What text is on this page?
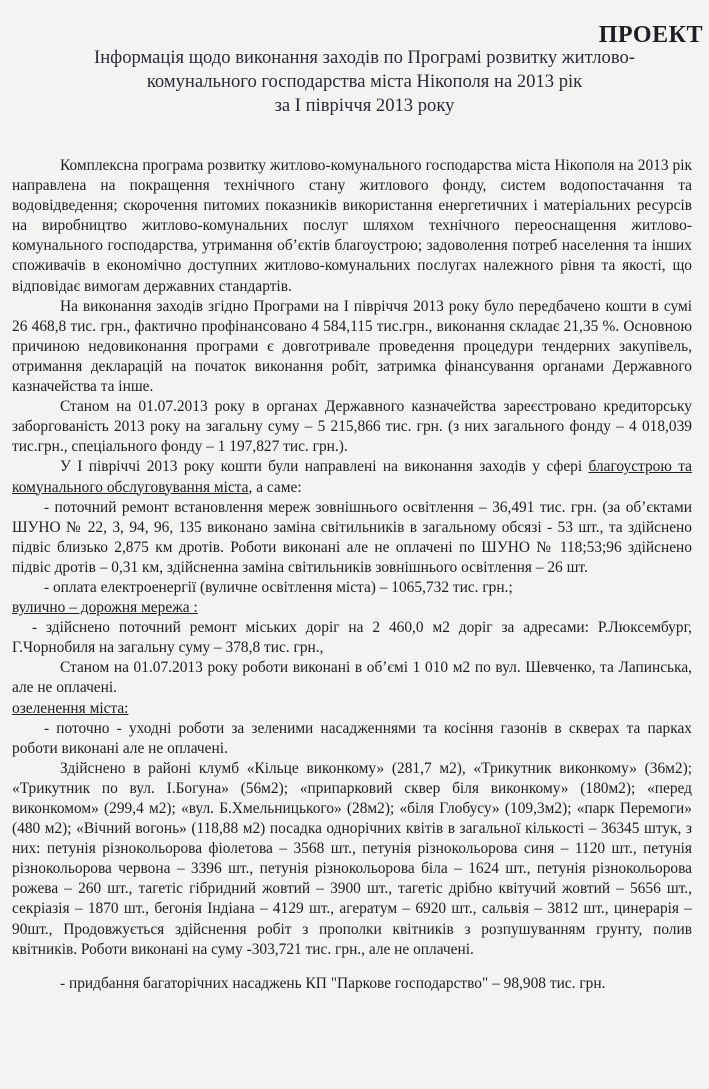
ПРОЕКТ
Інформація щодо виконання заходів по Програмі розвитку житлово-
комунального господарства міста Нікополя на 2013 рік
за І півріччя 2013 року

Комплексна програма розвитку житлово-комунального господарства міста Нікополя на 2013 рік направлена на покращення технічного стану житлового фонду, систем водопостачання та водовідведення; скорочення питомих показників використання енергетичних і матеріальних ресурсів на виробництво житлово-комунальних послуг шляхом технічного переоснащення житлово-комунального господарства, утримання об’єктів благоустрою; задоволення потреб населення та інших споживачів в економічно доступних житлово-комунальних послугах належного рівня та якості, що відповідає вимогам державних стандартів.

На виконання заходів згідно Програми на І півріччя 2013 року було передбачено кошти в сумі 26 468,8 тис. грн., фактично профінансовано 4 584,115 тис.грн., виконання складає 21,35 %. Основною причиною недовиконання програми є довготривале проведення процедури тендерних закупівель, отримання декларацій на початок виконання робіт, затримка фінансування органами Державного казначейства та інше.

Станом на 01.07.2013 року в органах Державного казначейства зареєстровано кредиторську заборгованість 2013 року на загальну суму – 5 215,866 тис. грн. (з них загального фонду – 4 018,039 тис.грн., спеціального фонду – 1 197,827 тис. грн.).

У І півріччі 2013 року кошти були направлені на виконання заходів у сфері благоустрою та комунального обслуговування міста, а саме:

- поточний ремонт встановлення мереж зовнішнього освітлення – 36,491 тис. грн. (за об’єктами ШУНО № 22, 3, 94, 96, 135 виконано заміна світильників в загальному обсязі - 53 шт., та здійснено підвіс близько 2,875 км дротів. Роботи виконані але не оплачені по ШУНО № 118;53;96 здійснено підвіс дротів – 0,31 км, здійсненна заміна світильників зовнішнього освітлення – 26 шт.

- оплата електроенергії (вуличне освітлення міста) – 1065,732 тис. грн.;

вулично – дорожня мережа :

- здійснено поточний ремонт міських доріг на 2 460,0 м2 доріг за адресами: Р.Люксембург, Г.Чорнобиля на загальну суму – 378,8 тис. грн.,

Станом на 01.07.2013 року роботи виконані в об’ємі 1 010 м2 по вул. Шевченко, та Лапинська, але не оплачені.

озеленення міста:

- поточно - уходні роботи за зеленими насадженнями та косіння газонів в скверах та парках роботи виконані але не оплачені.

Здійснено в районі клумб «Кільце виконкому» (281,7 м2), «Трикутник виконкому» (36м2); «Трикутник по вул. І.Богуна» (56м2); «припарковий сквер біля виконкому» (180м2); «перед виконкомом» (299,4 м2); «вул. Б.Хмельницького» (28м2); «біля Глобусу» (109,3м2); «парк Перемоги» (480 м2); «Вічний вогонь» (118,88 м2) посадка однорічних квітів в загальної кількості – 36345 штук, з них: петунія різнокольорова фіолетова – 3568 шт., петунія різнокольорова синя – 1120 шт., петунія різнокольорова червона – 3396 шт., петунія різнокольорова біла – 1624 шт., петунія різнокольорова рожева – 260 шт., тагетіс гібридний жовтий – 3900 шт., тагетіс дрібно квітучий жовтий – 5656 шт., секріазія – 1870 шт., бегонія Індіана – 4129 шт., агератум – 6920 шт., сальвія – 3812 шт., цинерарія – 90шт., Продовжується здійснення робіт з прополки квітників з розпушуванням грунту, полив квітників. Роботи виконані на суму -303,721 тис. грн., але не оплачені.

- придбання багаторічних насаджень КП "Паркове господарство" – 98,908 тис. грн.
